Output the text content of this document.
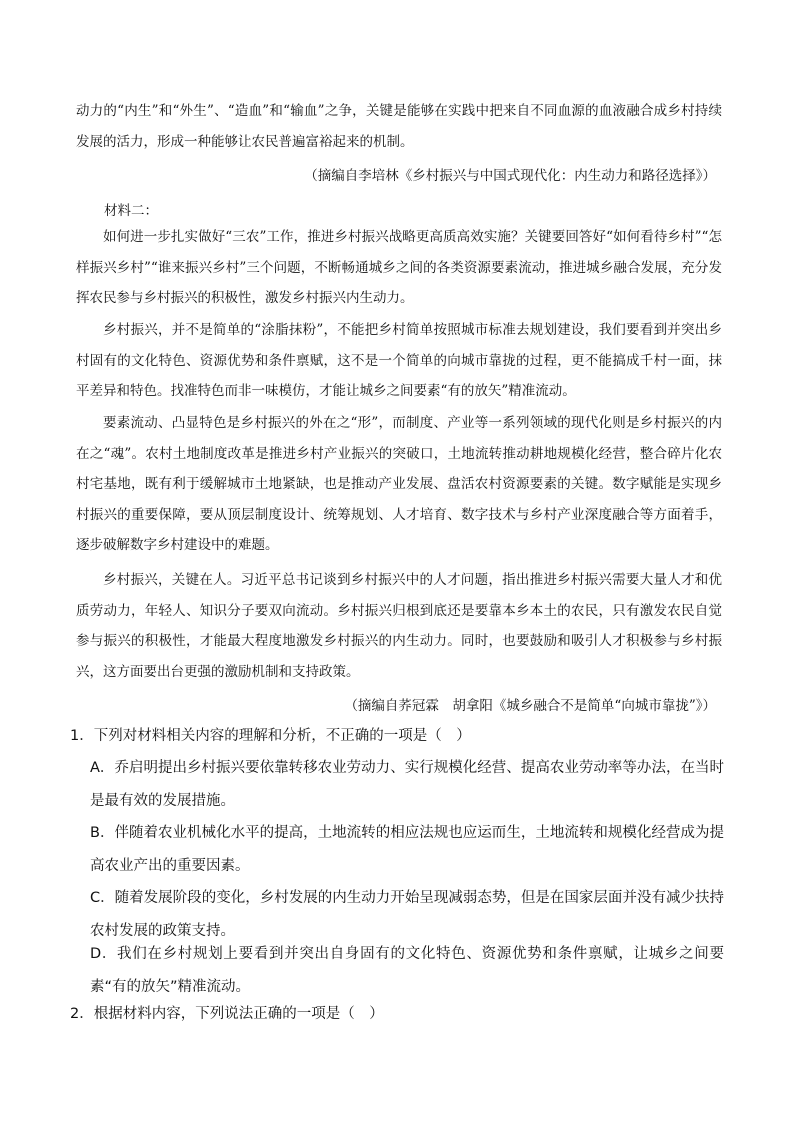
动力的“内生”和“外生”、“造血”和“输血”之争，关键是能够在实践中把来自不同血源的血液融合成乡村持续发展的活力，形成一种能够让农民普遍富裕起来的机制。

（摘编自李培林《乡村振兴与中国式现代化：内生动力和路径选择》）

材料二：

如何进一步扎实做好“三农”工作，推进乡村振兴战略更高质高效实施？关键要回答好“如何看待乡村”“怎样振兴乡村”“谁来振兴乡村”三个问题，不断畅通城乡之间的各类资源要素流动，推进城乡融合发展，充分发挥农民参与乡村振兴的积极性，激发乡村振兴内生动力。

乡村振兴，并不是简单的“涂脂抹粉”，不能把乡村简单按照城市标准去规划建设，我们要看到并突出乡村固有的文化特色、资源优势和条件禀赋，这不是一个简单的向城市靠拢的过程，更不能搞成千村一面，抹平差异和特色。找准特色而非一味模仿，才能让城乡之间要素“有的放矢”精准流动。

要素流动、凸显特色是乡村振兴的外在之“形”，而制度、产业等一系列领域的现代化则是乡村振兴的内在之“魂”。农村土地制度改革是推进乡村产业振兴的突破口，土地流转推动耕地规模化经营，整合碎片化农村宅基地，既有利于缓解城市土地紧缺，也是推动产业发展、盘活农村资源要素的关键。数字赋能是实现乡村振兴的重要保障，要从顶层制度设计、统筹规划、人才培育、数字技术与乡村产业深度融合等方面着手，逐步破解数字乡村建设中的难题。

乡村振兴，关键在人。习近平总书记谈到乡村振兴中的人才问题，指出推进乡村振兴需要大量人才和优质劳动力，年轻人、知识分子要双向流动。乡村振兴归根到底还是要靠本乡本土的农民，只有激发农民自觉参与振兴的积极性，才能最大程度地激发乡村振兴的内生动力。同时，也要鼓励和吸引人才积极参与乡村振兴，这方面要出台更强的激励机制和支持政策。

（摘编自荞冠霖　胡拿阳《城乡融合不是简单“向城市靠拢”》）

1．下列对材料相关内容的理解和分析，不正确的一项是（　）

A．乔启明提出乡村振兴要依靠转移农业劳动力、实行规模化经营、提高农业劳动率等办法，在当时是最有效的发展措施。

B．伴随着农业机械化水平的提高，土地流转的相应法规也应运而生，土地流转和规模化经营成为提高农业产出的重要因素。

C．随着发展阶段的变化，乡村发展的内生动力开始呈现减弱态势，但是在国家层面并没有减少扶持农村发展的政策支持。

D．我们在乡村规划上要看到并突出自身固有的文化特色、资源优势和条件禀赋，让城乡之间要素“有的放矢”精准流动。

2．根据材料内容，下列说法正确的一项是（　）
